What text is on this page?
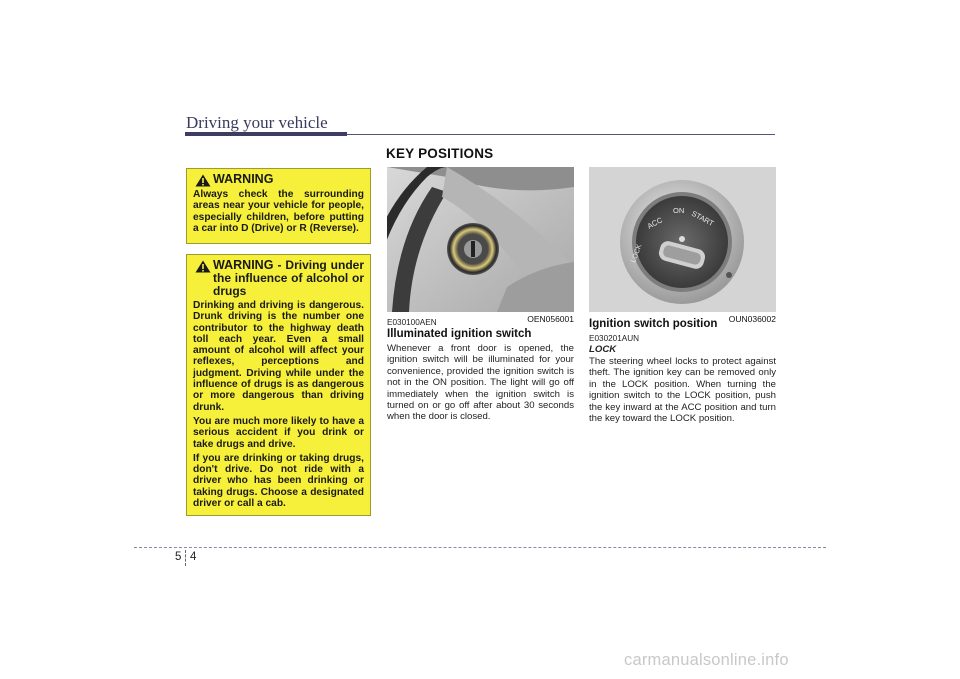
Driving your vehicle
KEY POSITIONS
WARNING

Always check the surrounding areas near your vehicle for people, especially children, before putting a car into D (Drive) or R (Reverse).

WARNING - Driving under the influence of alcohol or drugs

Drinking and driving is dangerous. Drunk driving is the number one contributor to the highway death toll each year. Even a small amount of alcohol will affect your reflexes, perceptions and judgment. Driving while under the influence of drugs is as dangerous or more dangerous than driving drunk.

You are much more likely to have a serious accident if you drink or take drugs and drive.

If you are drinking or taking drugs, don't drive. Do not ride with a driver who has been drinking or taking drugs. Choose a designated driver or call a cab.

OEN056001
E030100AEN
Illuminated ignition switch
Whenever a front door is opened, the ignition switch will be illuminated for your convenience, provided the ignition switch is not in the ON position. The light will go off immediately when the ignition switch is turned on or go off after about 30 seconds when the door is closed.
ACC
ON START
LOCK
OUN036002
Ignition switch position
E030201AUN
LOCK
The steering wheel locks to protect against theft. The ignition key can be removed only in the LOCK position. When turning the ignition switch to the LOCK position, push the key inward at the ACC position and turn the key toward the LOCK position.
5 4
carmanualsonline.info
